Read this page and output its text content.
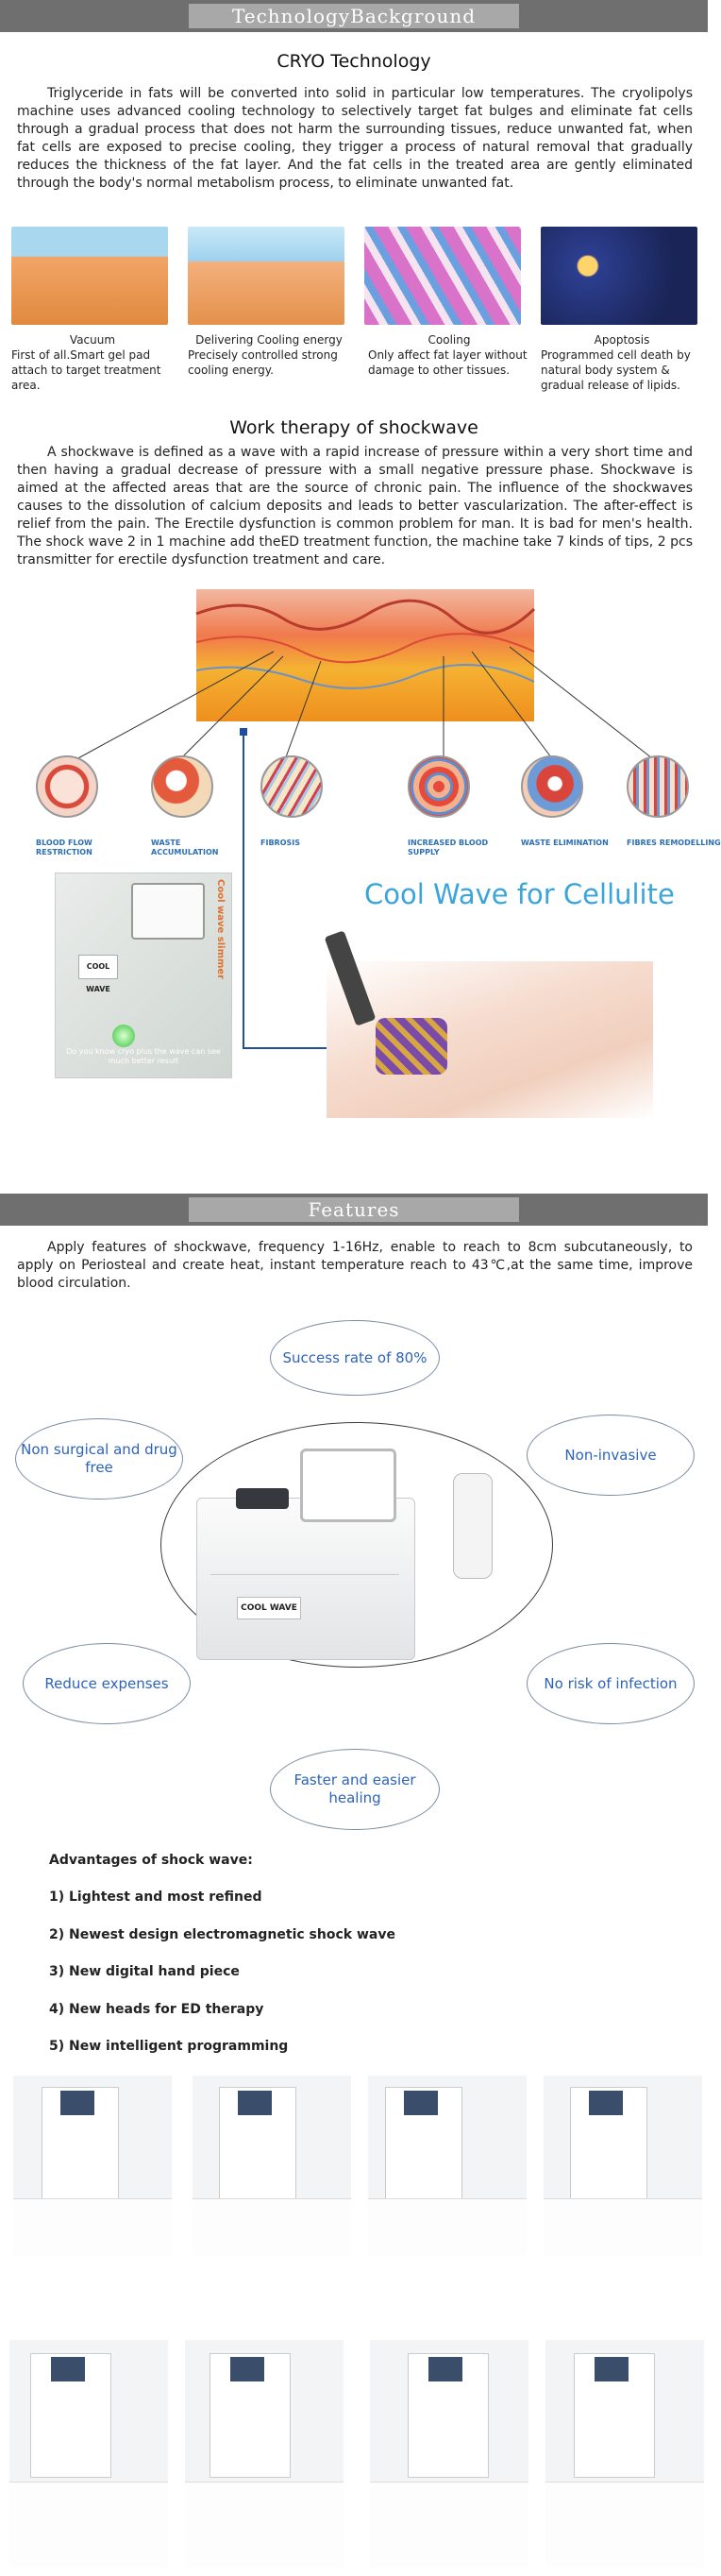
TechnologyBackground
CRYO Technology
Triglyceride in fats will be converted into solid in particular low temperatures. The cryolipolys machine uses advanced cooling technology to selectively target fat bulges and eliminate fat cells through a gradual process that does not harm the surrounding tissues, reduce unwanted fat, when fat cells are exposed to precise cooling, they trigger a process of natural removal that gradually reduces the thickness of the fat layer. And the fat cells in the treated area are gently eliminated through the body's normal metabolism process, to eliminate unwanted fat.
Vacuum
First of all.Smart gel pad attach to target treatment area.
Delivering Cooling energy
Precisely controlled strong cooling energy.
Cooling
Only affect fat layer without damage to other tissues.
Apoptosis
Programmed cell death by natural body system & gradual release of lipids.
Work therapy of shockwave
A shockwave is defined as a wave with a rapid increase of pressure within a very short time and then having a gradual decrease of pressure with a small negative pressure phase. Shockwave is aimed at the affected areas that are the source of chronic pain. The influence of the shockwaves causes to the dissolution of calcium deposits and leads to better vascularization. The after-effect is relief from the pain. The Erectile dysfunction is common problem for man. It is bad for men's health. The shock wave 2 in 1 machine add theED treatment function, the machine take 7 kinds of tips, 2 pcs transmitter for erectile dysfunction treatment and care.
BLOOD FLOW RESTRICTION
WASTE ACCUMULATION
FIBROSIS	INCREASED BLOOD SUPPLY
WASTE ELIMINATION	FIBRES REMODELLING
COOL WAVE
Cool wave slimmer
Do you know cryo plus the wave can see much better result
Cool Wave for Cellulite
Features
Apply features of shockwave, frequency 1-16Hz, enable to reach to 8cm subcutaneously, to apply on Periosteal and create heat, instant temperature reach to 43℃,at the same time, improve blood circulation.
COOL WAVE
Success rate of 80%
Non surgical and drug free
Non-invasive
Reduce expenses	No risk of infection
Faster and easier healing
Advantages of shock wave:
1) Lightest and most refined
2) Newest design electromagnetic shock wave
3) New digital hand piece
4) New heads for ED therapy
5) New intelligent programming
